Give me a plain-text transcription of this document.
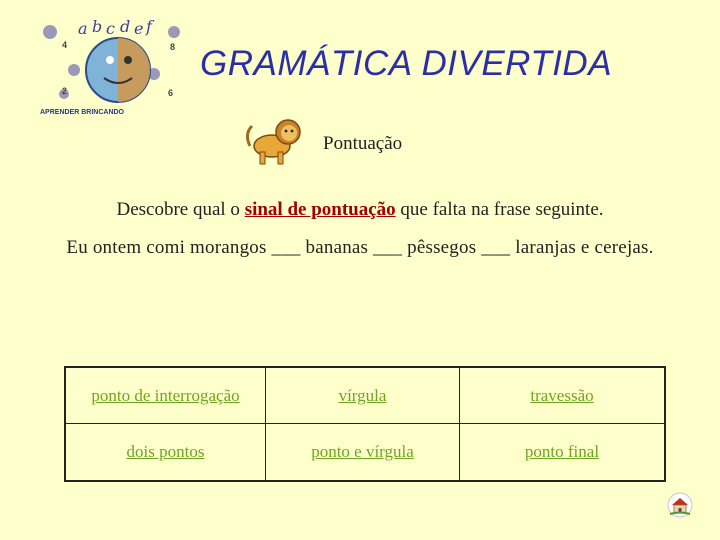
a b c d e f
4	8
2	6
APRENDER BRINCANDO
GRAMÁTICA DIVERTIDA
Pontuação
Descobre qual o sinal de pontuação que falta na frase seguinte.
Eu ontem comi morangos ___ bananas ___ pêssegos ___ laranjas e cerejas.
ponto de interrogação	vírgula	travessão
dois pontos	ponto e vírgula	ponto final
